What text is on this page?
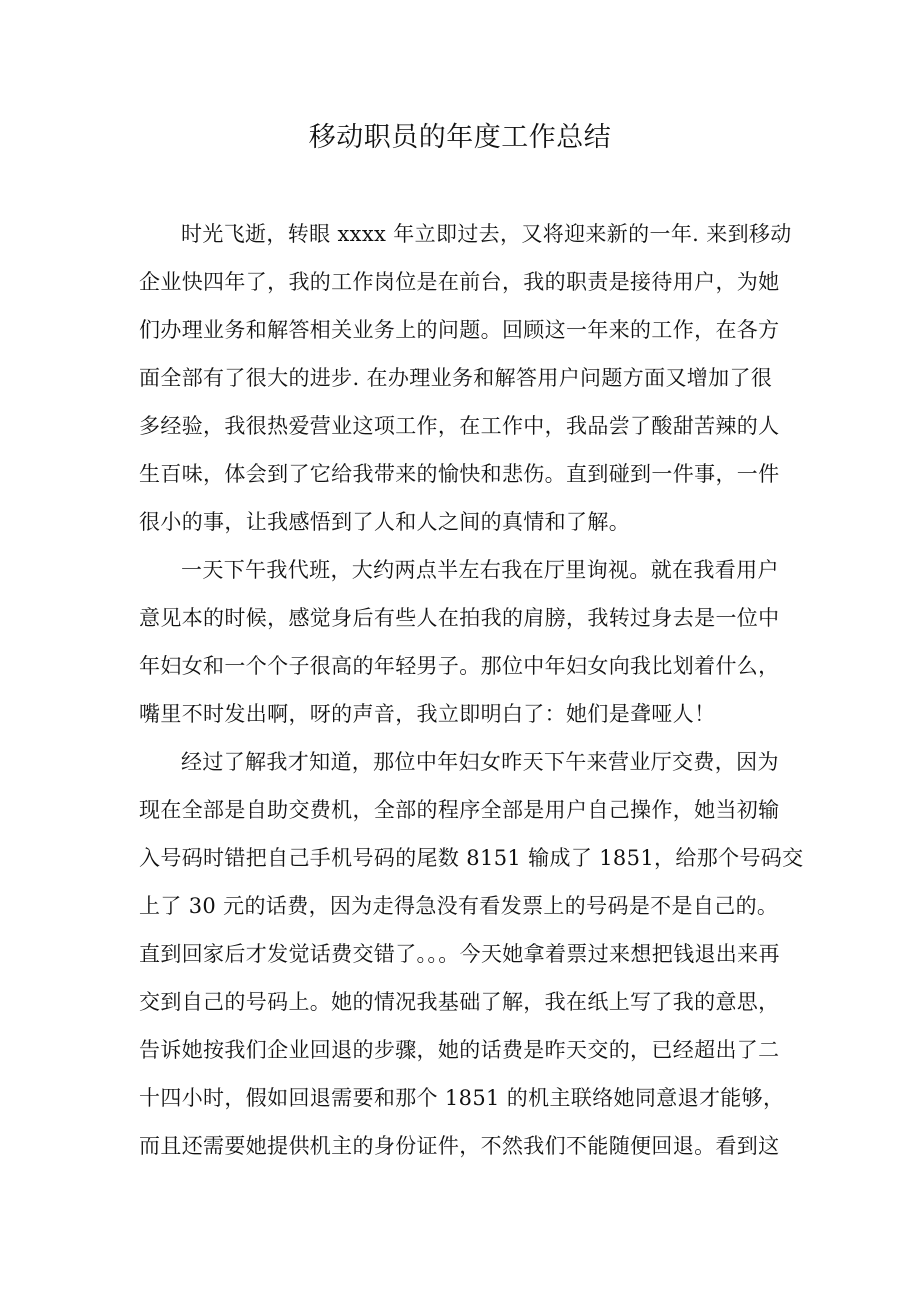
移动职员的年度工作总结
时光飞逝，转眼 xxxx 年立即过去，又将迎来新的一年. 来到移动
企业快四年了，我的工作岗位是在前台，我的职责是接待用户，为她
们办理业务和解答相关业务上的问题。回顾这一年来的工作，在各方
面全部有了很大的进步. 在办理业务和解答用户问题方面又增加了很
多经验，我很热爱营业这项工作，在工作中，我品尝了酸甜苦辣的人
生百味，体会到了它给我带来的愉快和悲伤。直到碰到一件事，一件
很小的事，让我感悟到了人和人之间的真情和了解。
一天下午我代班，大约两点半左右我在厅里询视。就在我看用户
意见本的时候，感觉身后有些人在拍我的肩膀，我转过身去是一位中
年妇女和一个个子很高的年轻男子。那位中年妇女向我比划着什么，
嘴里不时发出啊，呀的声音，我立即明白了：她们是聋哑人！
经过了解我才知道，那位中年妇女昨天下午来营业厅交费，因为
现在全部是自助交费机，全部的程序全部是用户自己操作，她当初输
入号码时错把自己手机号码的尾数 8151 输成了 1851，给那个号码交
上了 30 元的话费，因为走得急没有看发票上的号码是不是自己的。
直到回家后才发觉话费交错了。。。今天她拿着票过来想把钱退出来再
交到自己的号码上。她的情况我基础了解，我在纸上写了我的意思，
告诉她按我们企业回退的步骤，她的话费是昨天交的，已经超出了二
十四小时，假如回退需要和那个 1851 的机主联络她同意退才能够，
而且还需要她提供机主的身份证件，不然我们不能随便回退。看到这
